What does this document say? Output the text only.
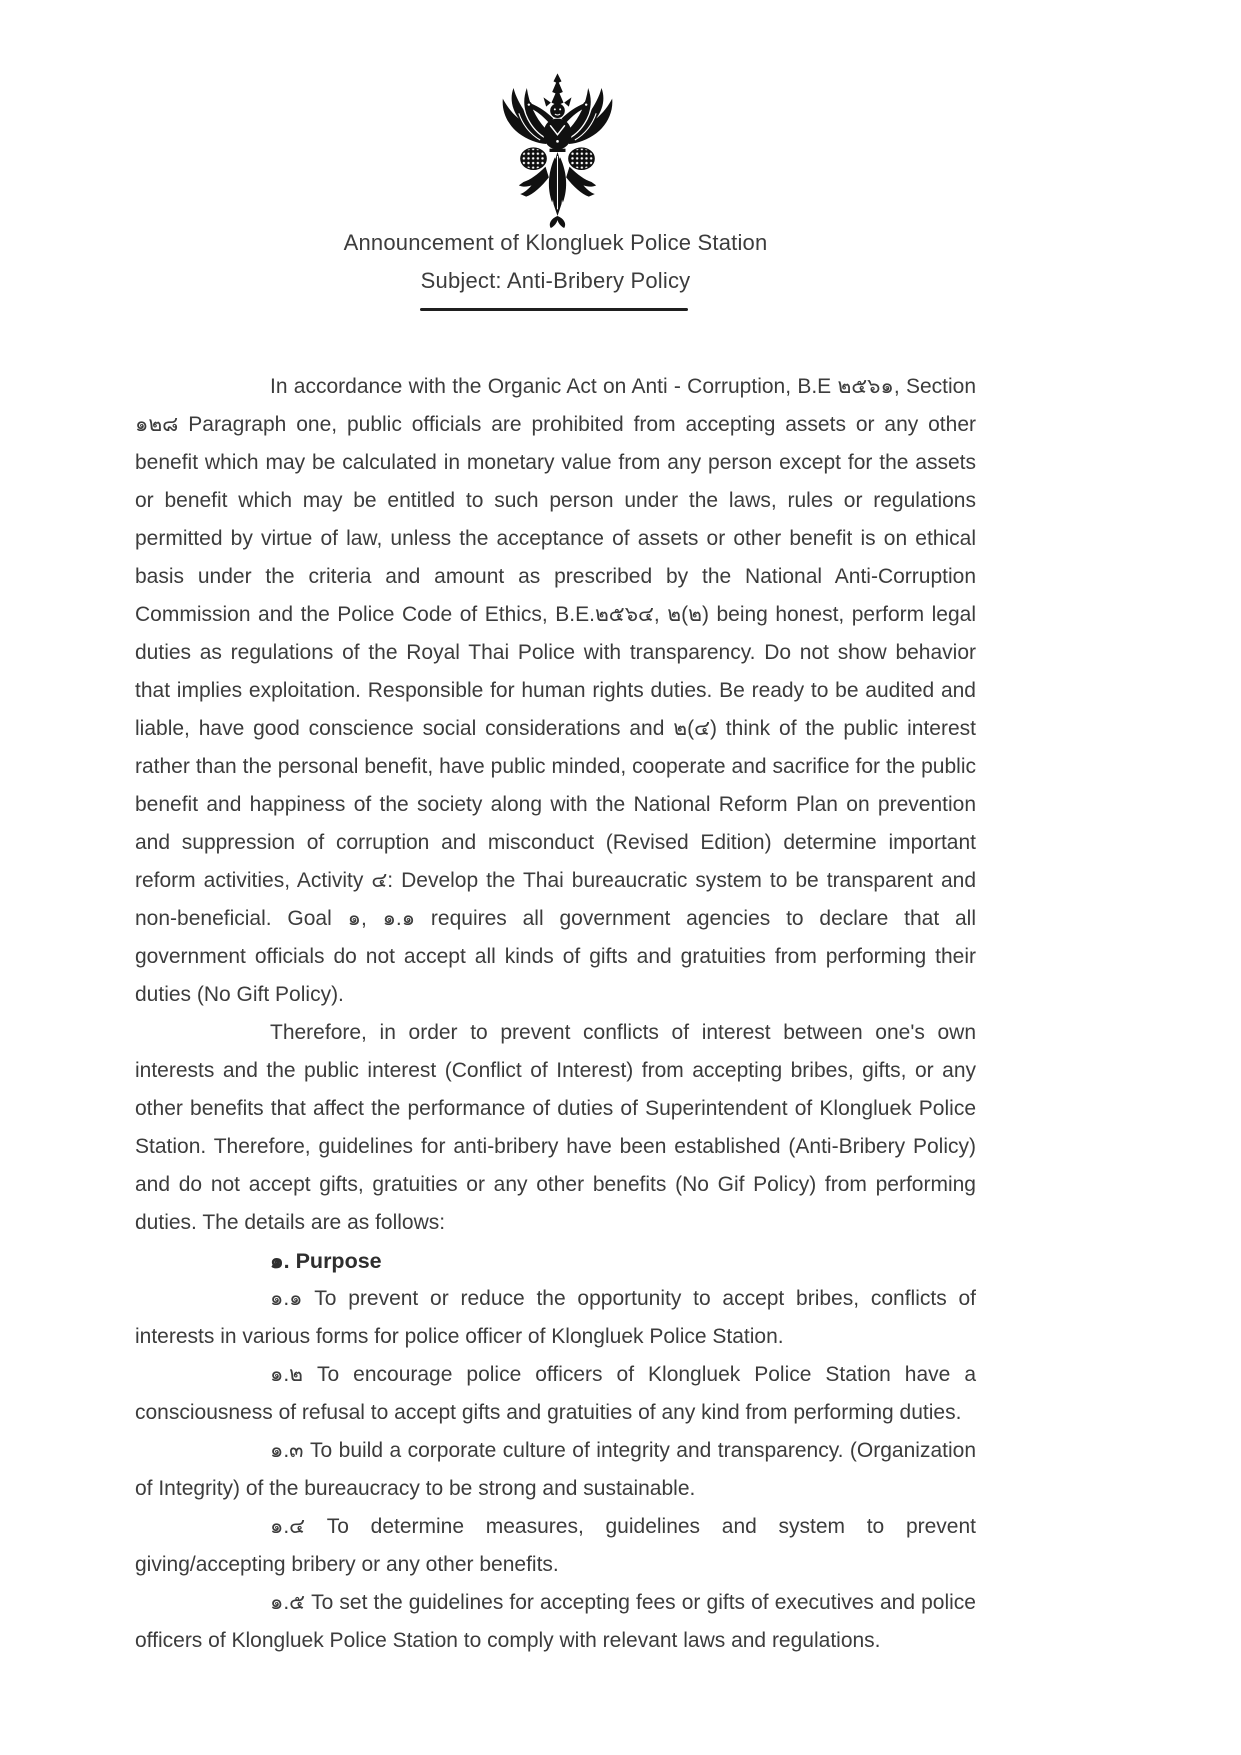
Announcement of Klongluek Police Station
Subject: Anti-Bribery Policy

In accordance with the Organic Act on Anti - Corruption, B.E ๒๕๖๑, Section ๑๒๘ Paragraph one, public officials are prohibited from accepting assets or any other benefit which may be calculated in monetary value from any person except for the assets or benefit which may be entitled to such person under the laws, rules or regulations permitted by virtue of law, unless the acceptance of assets or other benefit is on ethical basis under the criteria and amount as prescribed by the National Anti-Corruption Commission and the Police Code of Ethics, B.E.๒๕๖๔, ๒(๒) being honest, perform legal duties as regulations of the Royal Thai Police with transparency. Do not show behavior that implies exploitation. Responsible for human rights duties. Be ready to be audited and liable, have good conscience social considerations and ๒(๔) think of the public interest rather than the personal benefit, have public minded, cooperate and sacrifice for the public benefit and happiness of the society along with the National Reform Plan on prevention and suppression of corruption and misconduct (Revised Edition) determine important reform activities, Activity ๔: Develop the Thai bureaucratic system to be transparent and non-beneficial. Goal ๑, ๑.๑ requires all government agencies to declare that all government officials do not accept all kinds of gifts and gratuities from performing their duties (No Gift Policy).

Therefore, in order to prevent conflicts of interest between one's own interests and the public interest (Conflict of Interest) from accepting bribes, gifts, or any other benefits that affect the performance of duties of Superintendent of Klongluek Police Station. Therefore, guidelines for anti-bribery have been established (Anti-Bribery Policy) and do not accept gifts, gratuities or any other benefits (No Gif Policy) from performing duties. The details are as follows:

๑. Purpose

๑.๑ To prevent or reduce the opportunity to accept bribes, conflicts of interests in various forms for police officer of Klongluek Police Station.

๑.๒ To encourage police officers of Klongluek Police Station have a consciousness of refusal to accept gifts and gratuities of any kind from performing duties.

๑.๓ To build a corporate culture of integrity and transparency. (Organization of Integrity) of the bureaucracy to be strong and sustainable.

๑.๔ To determine measures, guidelines and system to prevent giving/accepting bribery or any other benefits.

๑.๕ To set the guidelines for accepting fees or gifts of executives and police officers of Klongluek Police Station to comply with relevant laws and regulations.
